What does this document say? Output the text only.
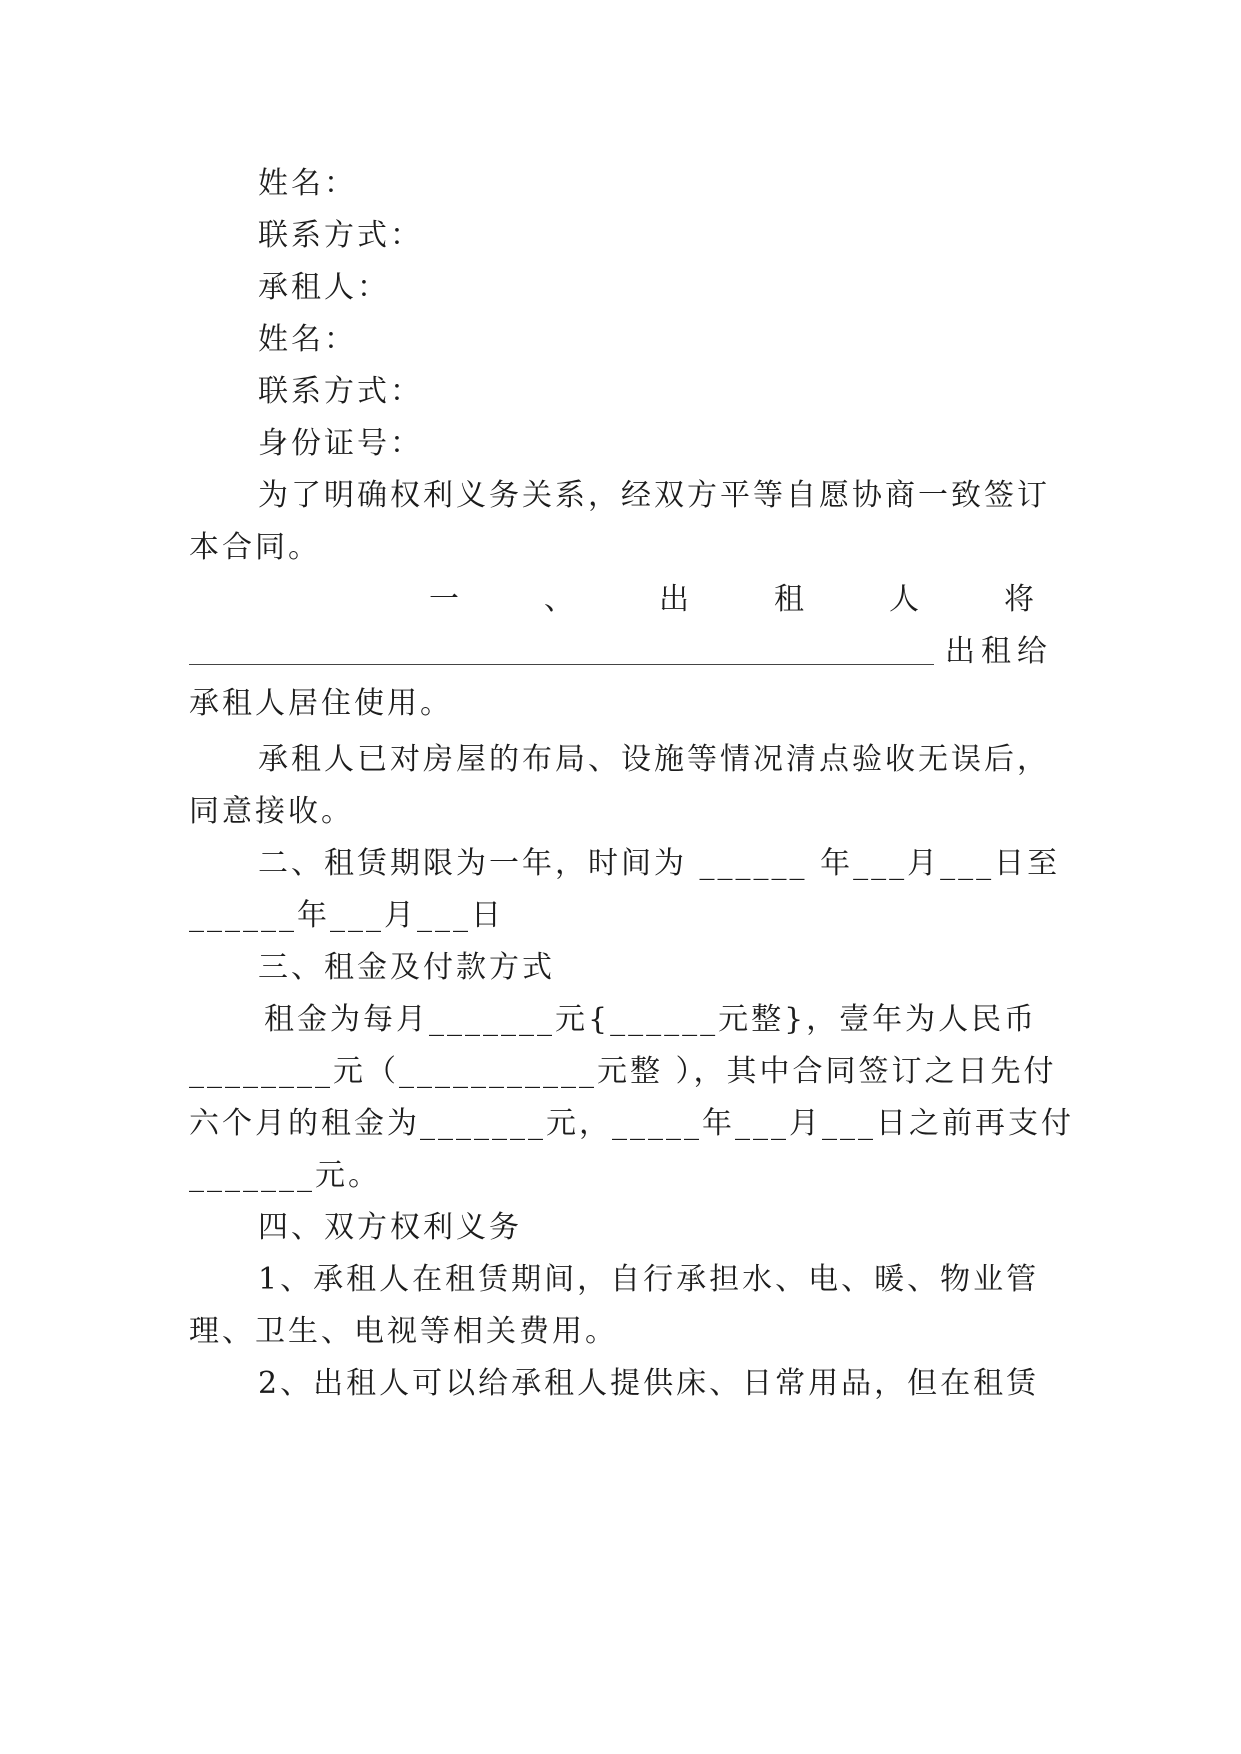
姓名：
联系方式：
承租人：
姓名：
联系方式：
身份证号：
为了明确权利义务关系，经双方平等自愿协商一致签订
本合同。
一	、	出	租	人	将
出租给
承租人居住使用。
承租人已对房屋的布局、设施等情况清点验收无误后，
同意接收。
二、租赁期限为一年，时间为 ______ 年___月___日至
______年___月___日
三、租金及付款方式
租金为每月_______元{______元整}，壹年为人民币
________元（___________元整 ），其中合同签订之日先付
六个月的租金为_______元，_____年___月___日之前再支付
_______元。
四、双方权利义务
1、承租人在租赁期间，自行承担水、电、暖、物业管
理、卫生、电视等相关费用。
2、出租人可以给承租人提供床、日常用品，但在租赁
